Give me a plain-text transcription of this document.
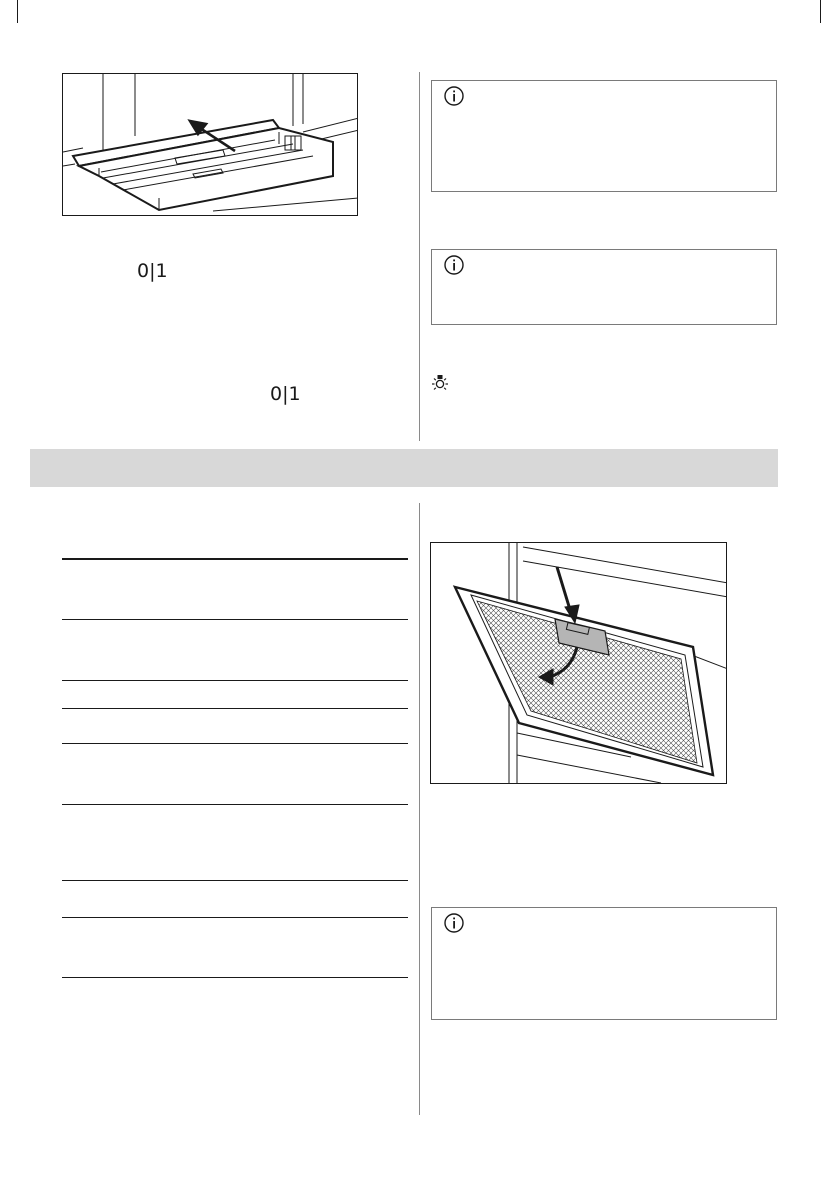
0|1
0|1
